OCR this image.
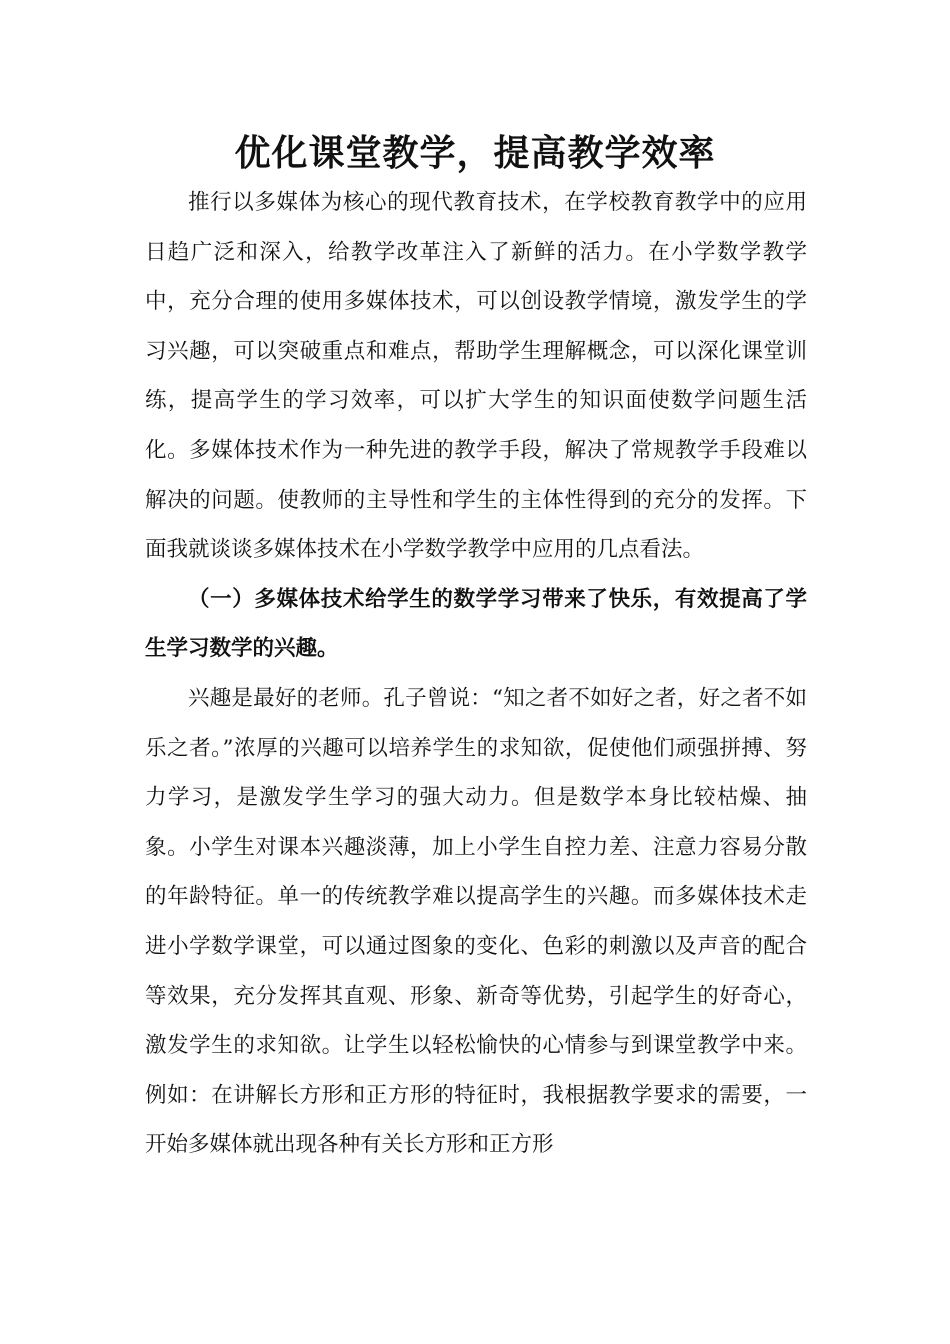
优化课堂教学，提高教学效率

推行以多媒体为核心的现代教育技术，在学校教育教学中的应用日趋广泛和深入，给教学改革注入了新鲜的活力。在小学数学教学中，充分合理的使用多媒体技术，可以创设教学情境，激发学生的学习兴趣，可以突破重点和难点，帮助学生理解概念，可以深化课堂训练，提高学生的学习效率，可以扩大学生的知识面使数学问题生活化。多媒体技术作为一种先进的教学手段，解决了常规教学手段难以解决的问题。使教师的主导性和学生的主体性得到的充分的发挥。下面我就谈谈多媒体技术在小学数学教学中应用的几点看法。

（一）多媒体技术给学生的数学学习带来了快乐，有效提高了学生学习数学的兴趣。

兴趣是最好的老师。孔子曾说：“知之者不如好之者，好之者不如乐之者。”浓厚的兴趣可以培养学生的求知欲，促使他们顽强拼搏、努力学习，是激发学生学习的强大动力。但是数学本身比较枯燥、抽象。小学生对课本兴趣淡薄，加上小学生自控力差、注意力容易分散的年龄特征。单一的传统教学难以提高学生的兴趣。而多媒体技术走进小学数学课堂，可以通过图象的变化、色彩的刺激以及声音的配合等效果，充分发挥其直观、形象、新奇等优势，引起学生的好奇心，激发学生的求知欲。让学生以轻松愉快的心情参与到课堂教学中来。 例如：在讲解长方形和正方形的特征时，我根据教学要求的需要，一开始多媒体就出现各种有关长方形和正方形
